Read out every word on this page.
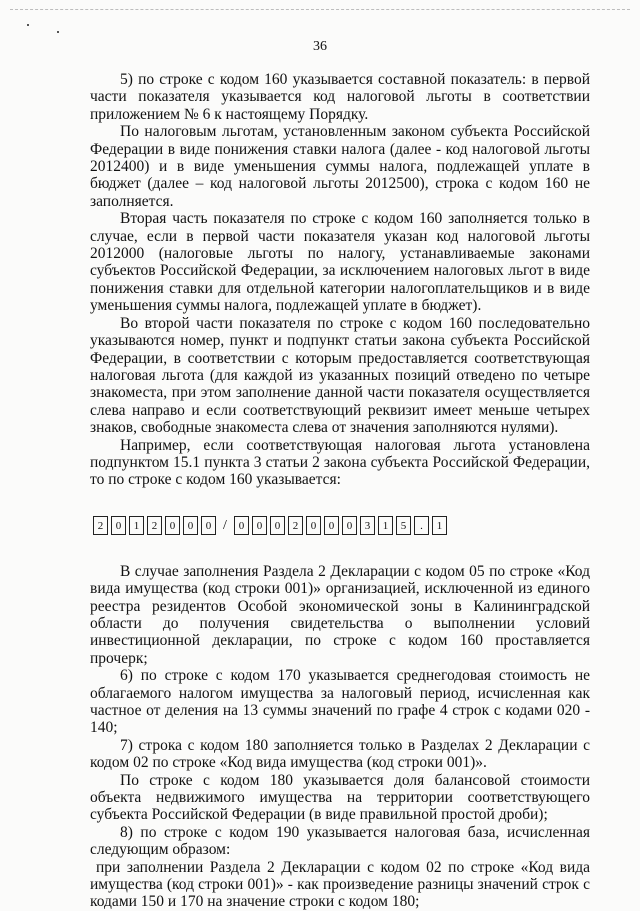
36

5) по строке с кодом 160 указывается составной показатель: в первой части показателя указывается код налоговой льготы в соответствии приложением № 6 к настоящему Порядку.

По налоговым льготам, установленным законом субъекта Российской Федерации в виде понижения ставки налога (далее - код налоговой льготы 2012400) и в виде уменьшения суммы налога, подлежащей уплате в бюджет (далее – код налоговой льготы 2012500), строка с кодом 160 не заполняется.

Вторая часть показателя по строке с кодом 160 заполняется только в случае, если в первой части показателя указан код налоговой льготы 2012000 (налоговые льготы по налогу, устанавливаемые законами субъектов Российской Федерации, за исключением налоговых льгот в виде понижения ставки для отдельной категории налогоплательщиков и в виде уменьшения суммы налога, подлежащей уплате в бюджет).

Во второй части показателя по строке с кодом 160 последовательно указываются номер, пункт и подпункт статьи закона субъекта Российской Федерации, в соответствии с которым предоставляется соответствующая налоговая льгота (для каждой из указанных позиций отведено по четыре знакоместа, при этом заполнение данной части показателя осуществляется слева направо и если соответствующий реквизит имеет меньше четырех знаков, свободные знакоместа слева от значения заполняются нулями).

Например, если соответствующая налоговая льгота установлена подпунктом 15.1 пункта 3 статьи 2 закона субъекта Российской Федерации, то по строке с кодом 160 указывается:

2	0	1	2	0	0	0 /	0	0	0	2	0	0	0	3	1	5	.	1

В случае заполнения Раздела 2 Декларации с кодом 05 по строке «Код вида имущества (код строки 001)» организацией, исключенной из единого реестра резидентов Особой экономической зоны в Калининградской области до получения свидетельства о выполнении условий инвестиционной декларации, по строке с кодом 160 проставляется прочерк;

6) по строке с кодом 170 указывается среднегодовая стоимость не облагаемого налогом имущества за налоговый период, исчисленная как частное от деления на 13 суммы значений по графе 4 строк с кодами 020 - 140;

7) строка с кодом 180 заполняется только в Разделах 2 Декларации с кодом 02 по строке «Код вида имущества (код строки 001)».

По строке с кодом 180 указывается доля балансовой стоимости объекта недвижимого имущества на территории соответствующего субъекта Российской Федерации (в виде правильной простой дроби);

8) по строке с кодом 190 указывается налоговая база, исчисленная следующим образом:

при заполнении Раздела 2 Декларации с кодом 02 по строке «Код вида имущества (код строки 001)» - как произведение разницы значений строк с кодами 150 и 170 на значение строки с кодом 180;
